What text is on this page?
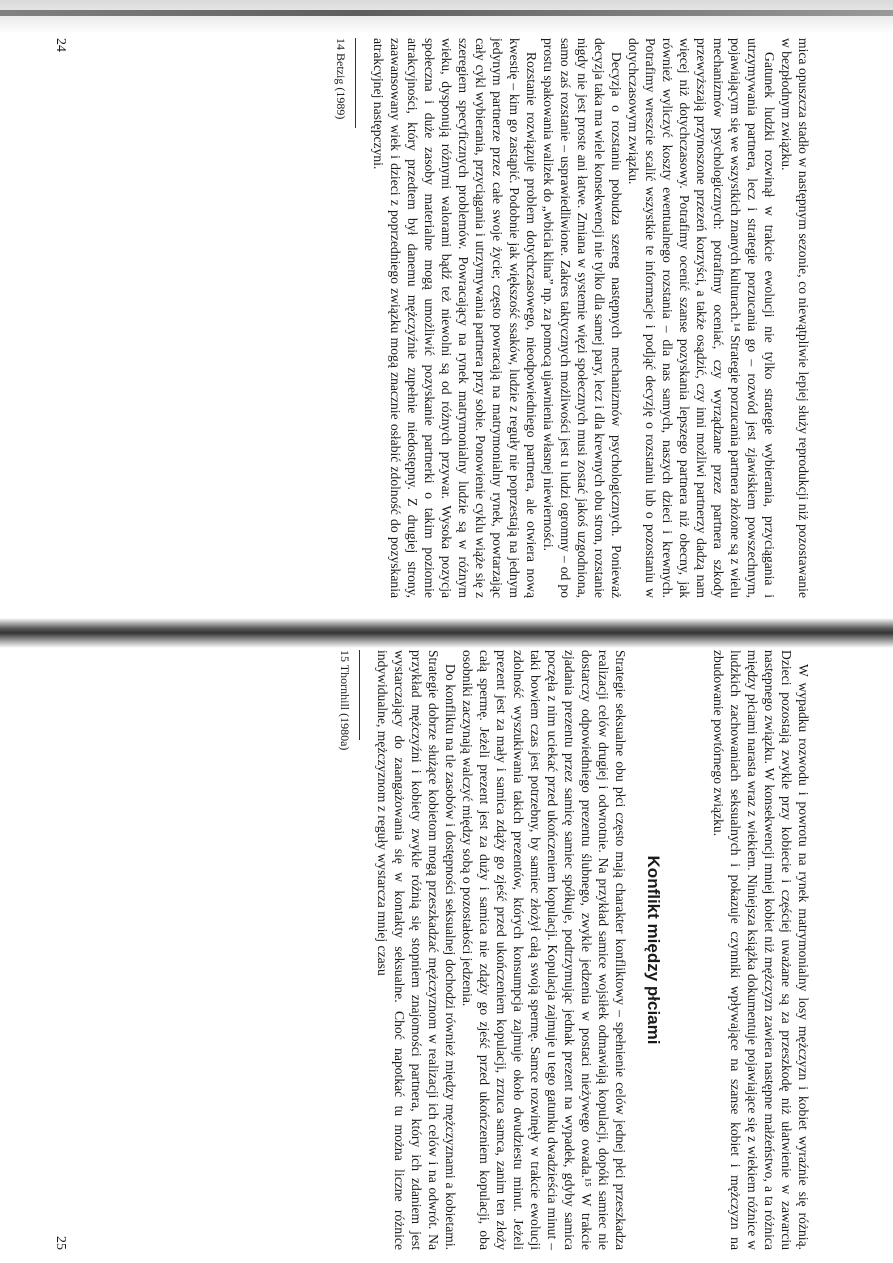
mica opuszcza stadło w następnym sezonie, co niewątpliwie lepiej służy reprodukcji niż pozostawanie w bezpłodnym związku.

Gatunek ludzki rozwinął w trakcie ewolucji nie tylko strategie wybierania, przyciągania i utrzymywania partnera, lecz i strategie porzucania go – rozwód jest zjawiskiem powszechnym, pojawiającym się we wszystkich znanych kulturach.¹⁴ Strategie porzucania partnera złożone są z wielu mechanizmów psychologicznych: potrafimy oceniać, czy wyrządzane przez partnera szkody przewyższają przynoszone przezeń korzyści, a także osądzić, czy inni możliwi partnerzy dadzą nam więcej niż dotychczasowy. Potrafimy ocenić szanse pozyskania lepszego partnera niż obecny, jak również wyliczyć koszty ewentualnego rozstania – dla nas samych, naszych dzieci i krewnych. Potrafimy wreszcie scalić wszystkie te informacje i podjąć decyzję o rozstaniu lub o pozostaniu w dotychczasowym związku.

Decyzja o rozstaniu pobudza szereg następnych mechanizmów psychologicznych. Ponieważ decyzja taka ma wiele konsekwencji nie tylko dla samej pary, lecz i dla krewnych obu stron, rozstanie nigdy nie jest proste ani łatwe. Zmiana w systemie więzi społecznych musi zostać jakoś uzgodniona, samo zaś rozstanie – usprawiedliwione. Zakres taktycznych możliwości jest u ludzi ogromny – od po prostu spakowania walizek do „wbicia klina” np. za pomocą ujawnienia własnej niewierności.

Rozstanie rozwiązuje problem dotychczasowego, nieodpowiedniego partnera, ale otwiera nową kwestię – kim go zastąpić. Podobnie jak większość ssaków, ludzie z reguły nie poprzestają na jednym jedynym partnerze przez całe swoje życie; często powracają na matrymonialny rynek, powtarzając cały cykl wybierania, przyciągania i utrzymywania partnera przy sobie. Ponowienie cyklu wiąże się z szeregiem specyficznych problemów. Powracający na rynek matrymonialny ludzie są w różnym wieku, dysponują różnymi walorami bądź też niewolni są od różnych przywar. Wysoka pozycja społeczna i duże zasoby materialne mogą umożliwić pozyskanie partnerki o takim poziomie atrakcyjności, który przedtem był danemu mężczyźnie zupełnie niedostępny. Z drugiej strony, zaawansowany wiek i dzieci z poprzedniego związku mogą znacznie osłabić zdolność do pozyskania atrakcyjnej następczyni.

14 Betzig (1989)
24

W wypadku rozwodu i powrotu na rynek matrymonialny losy mężczyzn i kobiet wyraźnie się różnią. Dzieci pozostają zwykle przy kobiecie i częściej uważane są za przeszkodę niż ułatwienie w zawarciu następnego związku. W konsekwencji mniej kobiet niż mężczyzn zawiera następne małżeństwo, a ta różnica między płciami narasta wraz z wiekiem. Niniejsza książka dokumentuje pojawiające się z wiekiem różnice w ludzkich zachowaniach seksualnych i pokazuje czynniki wpływające na szanse kobiet i mężczyzn na zbudowanie powtórnego związku.

Konflikt między płciami

Strategie seksualne obu płci często mają charakter konfliktowy – spełnienie celów jednej płci przeszkadza realizacji celów drugiej i odwrotnie. Na przykład samice wojsiłek odmawiają kopulacji, dopóki samiec nie dostarczy odpowiedniego prezentu ślubnego, zwykle jedzenia w postaci nieżywego owada.¹⁵ W trakcie zjadania prezentu przez samicę samiec spółkuje, podtrzymując jednak prezent na wypadek, gdyby samica poczęła z nim uciekać przed ukończeniem kopulacji. Kopulacja zajmuje u tego gatunku dwadzieścia minut – taki bowiem czas jest potrzebny, by samiec złożył całą swoją spermę. Samce rozwinęły w trakcie ewolucji zdolność wyszukiwania takich prezentów, których konsumpcja zajmuje około dwudziestu minut. Jeżeli prezent jest za mały i samica zdąży go zjeść przed ukończeniem kopulacji, zrzuca samca, zanim ten złoży całą spermę. Jeżeli prezent jest za duży i samica nie zdąży go zjeść przed ukończeniem kopulacji, oba osobniki zaczynają walczyć między sobą o pozostałości jedzenia.

Do konfliktu na tle zasobów i dostępności seksualnej dochodzi również między mężczyznami a kobietami. Strategie dobrze służące kobietom mogą przeszkadzać mężczyznom w realizacji ich celów i na odwrót. Na przykład mężczyźni i kobiety zwykle różnią się stopniem znajomości partnera, który ich zdaniem jest wystarczający do zaangażowania się w kontakty seksualne. Choć napotkać tu można liczne różnice indywidualne, mężczyznom z reguły wystarcza mniej czasu

15 Thornhill (1980a)
25
